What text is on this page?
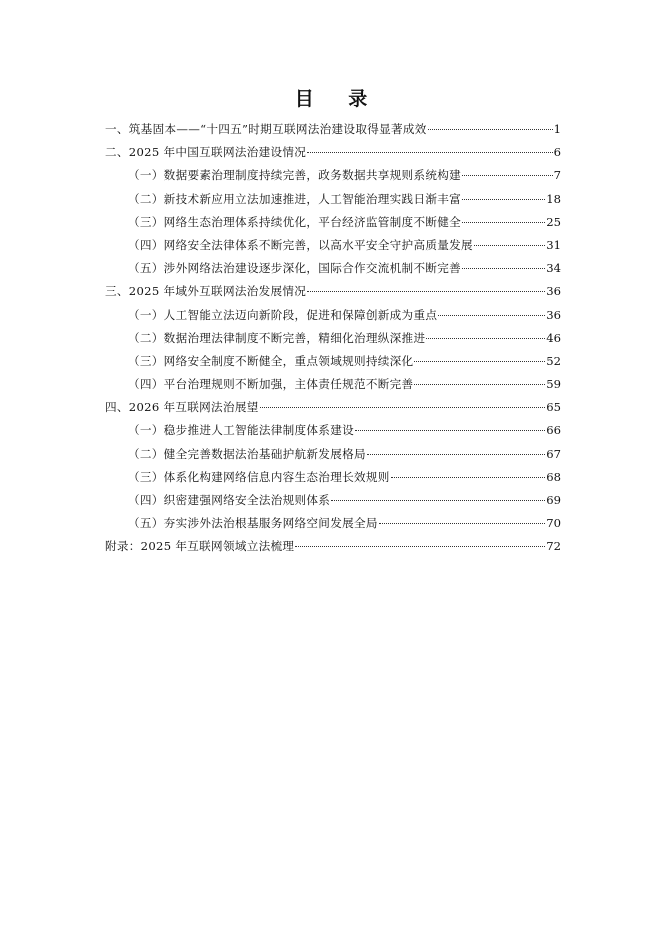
目 录
一、筑基固本——“十四五”时期互联网法治建设取得显著成效	1
二、2025 年中国互联网法治建设情况	6
（一）数据要素治理制度持续完善，政务数据共享规则系统构建	7
（二）新技术新应用立法加速推进，人工智能治理实践日渐丰富	18
（三）网络生态治理体系持续优化，平台经济监管制度不断健全	25
（四）网络安全法律体系不断完善，以高水平安全守护高质量发展	31
（五）涉外网络法治建设逐步深化，国际合作交流机制不断完善	34
三、2025 年域外互联网法治发展情况	36
（一）人工智能立法迈向新阶段，促进和保障创新成为重点	36
（二）数据治理法律制度不断完善，精细化治理纵深推进	46
（三）网络安全制度不断健全，重点领域规则持续深化	52
（四）平台治理规则不断加强，主体责任规范不断完善	59
四、2026 年互联网法治展望	65
（一）稳步推进人工智能法律制度体系建设	66
（二）健全完善数据法治基础护航新发展格局	67
（三）体系化构建网络信息内容生态治理长效规则	68
（四）织密建强网络安全法治规则体系	69
（五）夯实涉外法治根基服务网络空间发展全局	70
附录：2025 年互联网领域立法梳理	72
